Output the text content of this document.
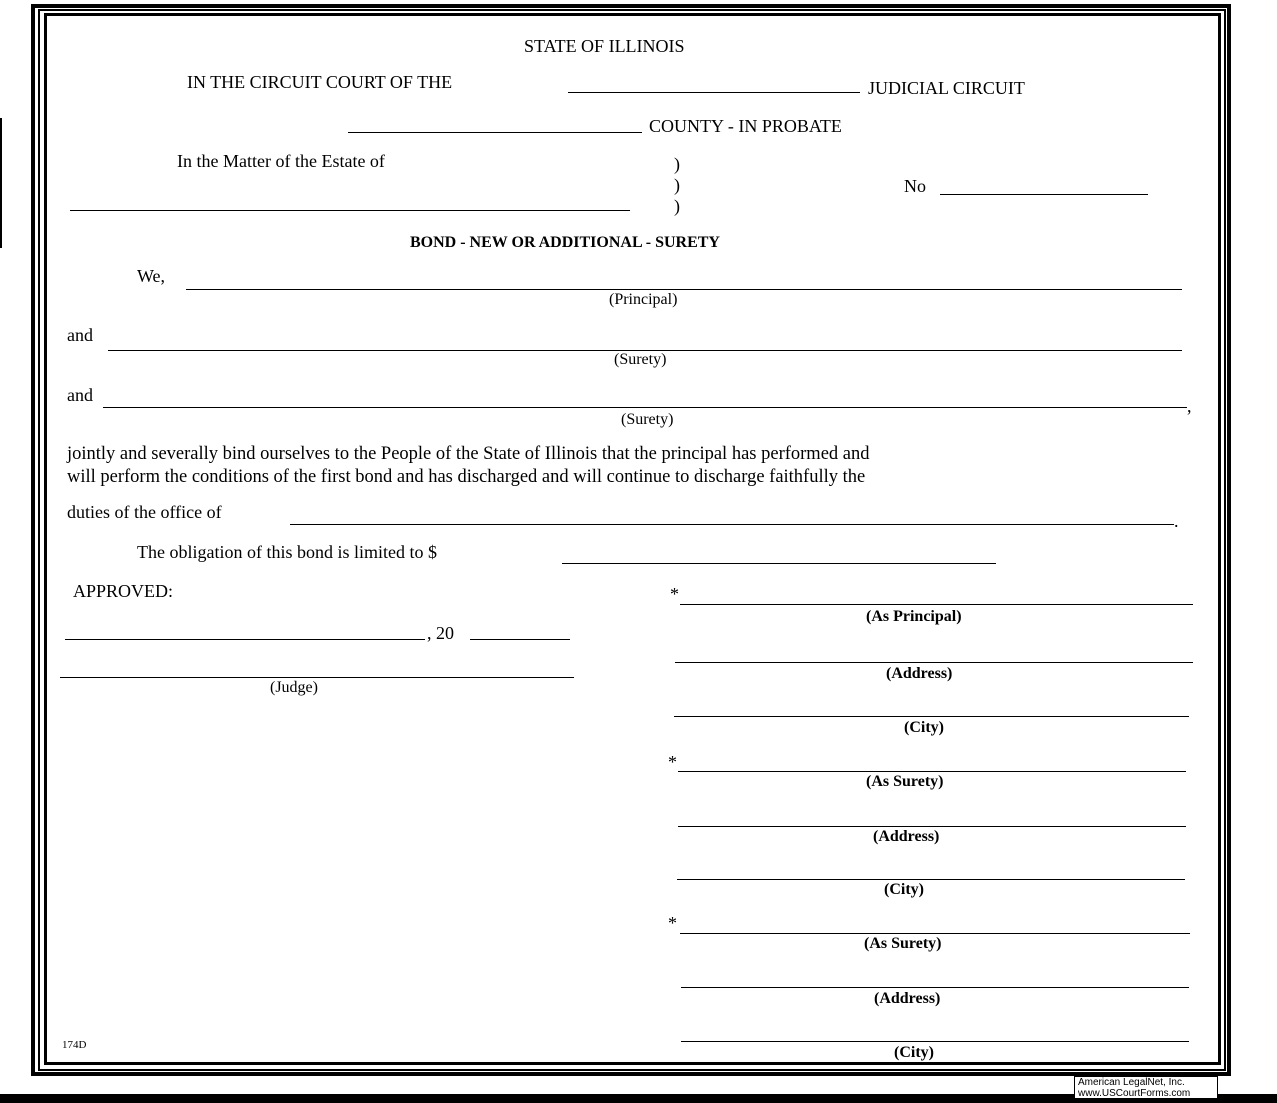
STATE OF ILLINOIS
IN THE CIRCUIT COURT OF THE	JUDICIAL CIRCUIT
COUNTY - IN PROBATE
In the Matter of the Estate of	)
)
)
No
BOND - NEW OR ADDITIONAL - SURETY
We,
(Principal)
and
(Surety)
and
,
(Surety)
jointly and severally bind ourselves to the People of the State of Illinois that the principal has performed and
will perform the conditions of the first bond and has discharged and will continue to discharge faithfully the
duties of the office of	.
The obligation of this bond is limited to $
APPROVED:
, 20
(Judge)
*
(As Principal)
(Address)
(City)
*
(As Surety)
(Address)
(City)
*
(As Surety)
(Address)
(City)
174D
American LegalNet, Inc.
www.USCourtForms.com
